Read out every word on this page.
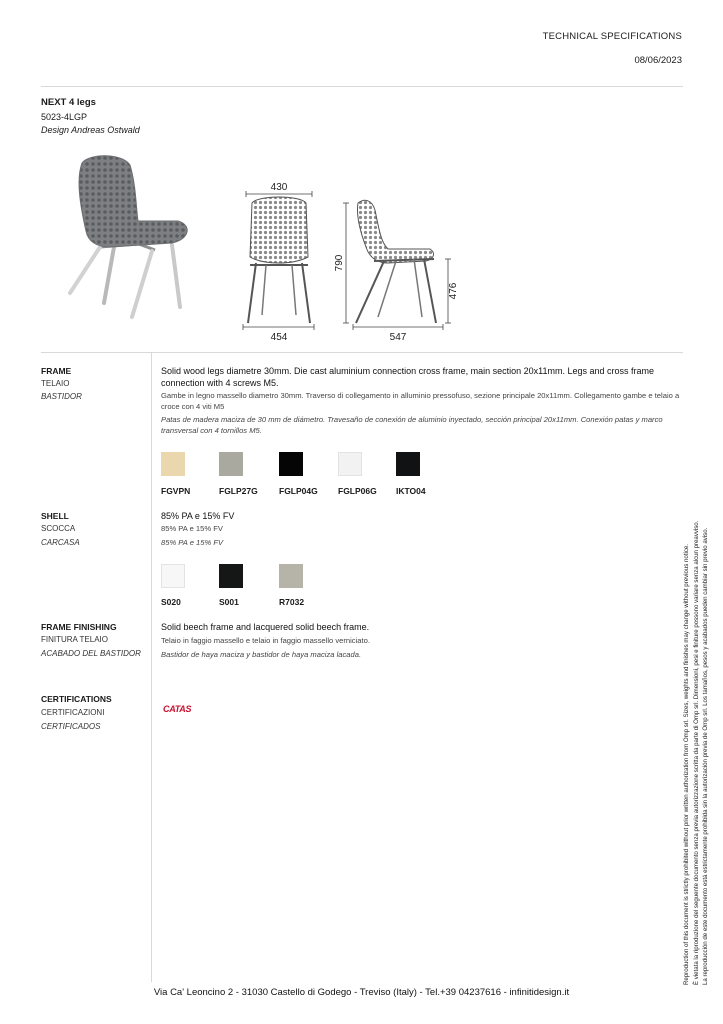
TECHNICAL SPECIFICATIONS
08/06/2023
NEXT 4 legs
5023-4LGP
Design Andreas Ostwald
430
454
790
476
547
FRAME
TELAIO
BASTIDOR
Solid wood legs diametre 30mm. Die cast aluminium connection cross frame, main section 20x11mm. Legs and cross frame connection with 4 screws M5.
Gambe in legno massello diametro 30mm. Traverso di collegamento in alluminio pressofuso, sezione principale 20x11mm. Collegamento gambe e telaio a croce con 4 viti M5
Patas de madera maciza de 30 mm de diámetro. Travesaño de conexión de aluminio inyectado, sección principal 20x11mm. Conexión patas y marco transversal con 4 tornillos M5.
FGVPN	FGLP27G	FGLP04G FGLP06G IKTO04
SHELL
SCOCCA
CARCASA
85% PA e 15% FV
85% PA e 15% FV
85% PA e 15% FV
S020	S001	R7032
FRAME FINISHING
FINITURA TELAIO
ACABADO DEL BASTIDOR
Solid beech frame and lacquered solid beech frame.
Telaio in faggio massello e telaio in faggio massello verniciato.
Bastidor de haya maciza y bastidor de haya maciza lacada.
CERTIFICATIONS
CERTIFICAZIONI
CERTIFICADOS
CATAS	Reproduction of this document is strictly prohibited without prior written authorization from Omp srl. Sizes, weights and finishes may change without previous notice. È vietata la riproduzione del seguente documento senza previa autorizzazione scritta da parte di Omp srl. Dimensioni, pesi e finiture possono variare senza alcun preavviso. La reproducción de este documento está estrictamente prohibida sin la autorización previa de Omp srl. Los tamaños, pesos y acabados pueden cambiar sin previo aviso.
Via Ca' Leoncino 2 - 31030 Castello di Godego - Treviso (Italy) - Tel.+39 04237616 - infinitidesign.it
